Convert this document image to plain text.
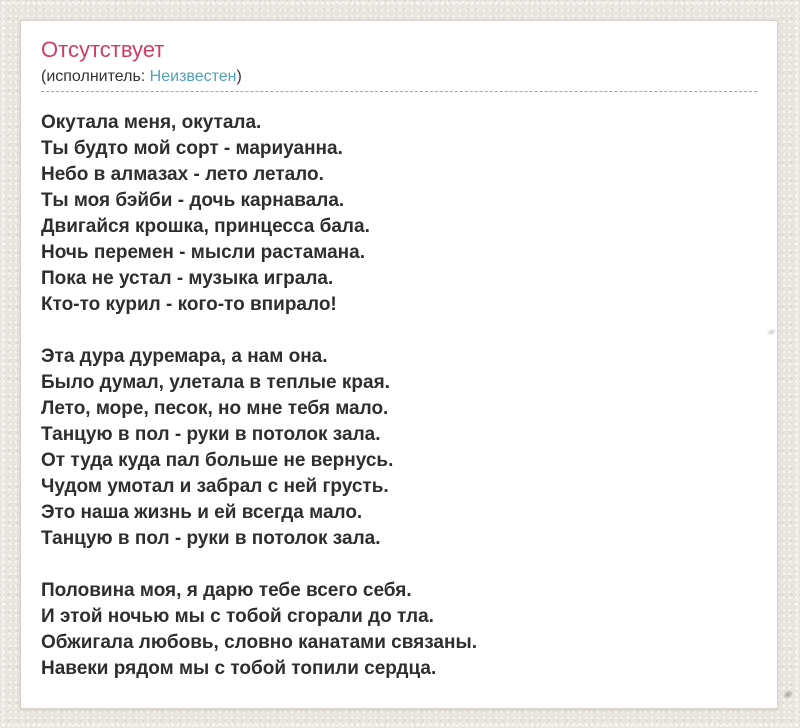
Отсутствует
(исполнитель: Неизвестен)
Окутала меня, окутала.
Ты будто мой сорт - мариуанна.
Небо в алмазах - лето летало.
Ты моя бэйби - дочь карнавала.
Двигайся крошка, принцесса бала.
Ночь перемен - мысли растамана.
Пока не устал - музыка играла.
Кто-то курил - кого-то впирало!
Эта дура дуремара, а нам она.
Было думал, улетала в теплые края.
Лето, море, песок, но мне тебя мало.
Танцую в пол - руки в потолок зала.
От туда куда пал больше не вернусь.
Чудом умотал и забрал с ней грусть.
Это наша жизнь и ей всегда мало.
Танцую в пол - руки в потолок зала.
Половина моя, я дарю тебе всего себя.
И этой ночью мы с тобой сгорали до тла.
Обжигала любовь, словно канатами связаны.
Навеки рядом мы с тобой топили сердца.
